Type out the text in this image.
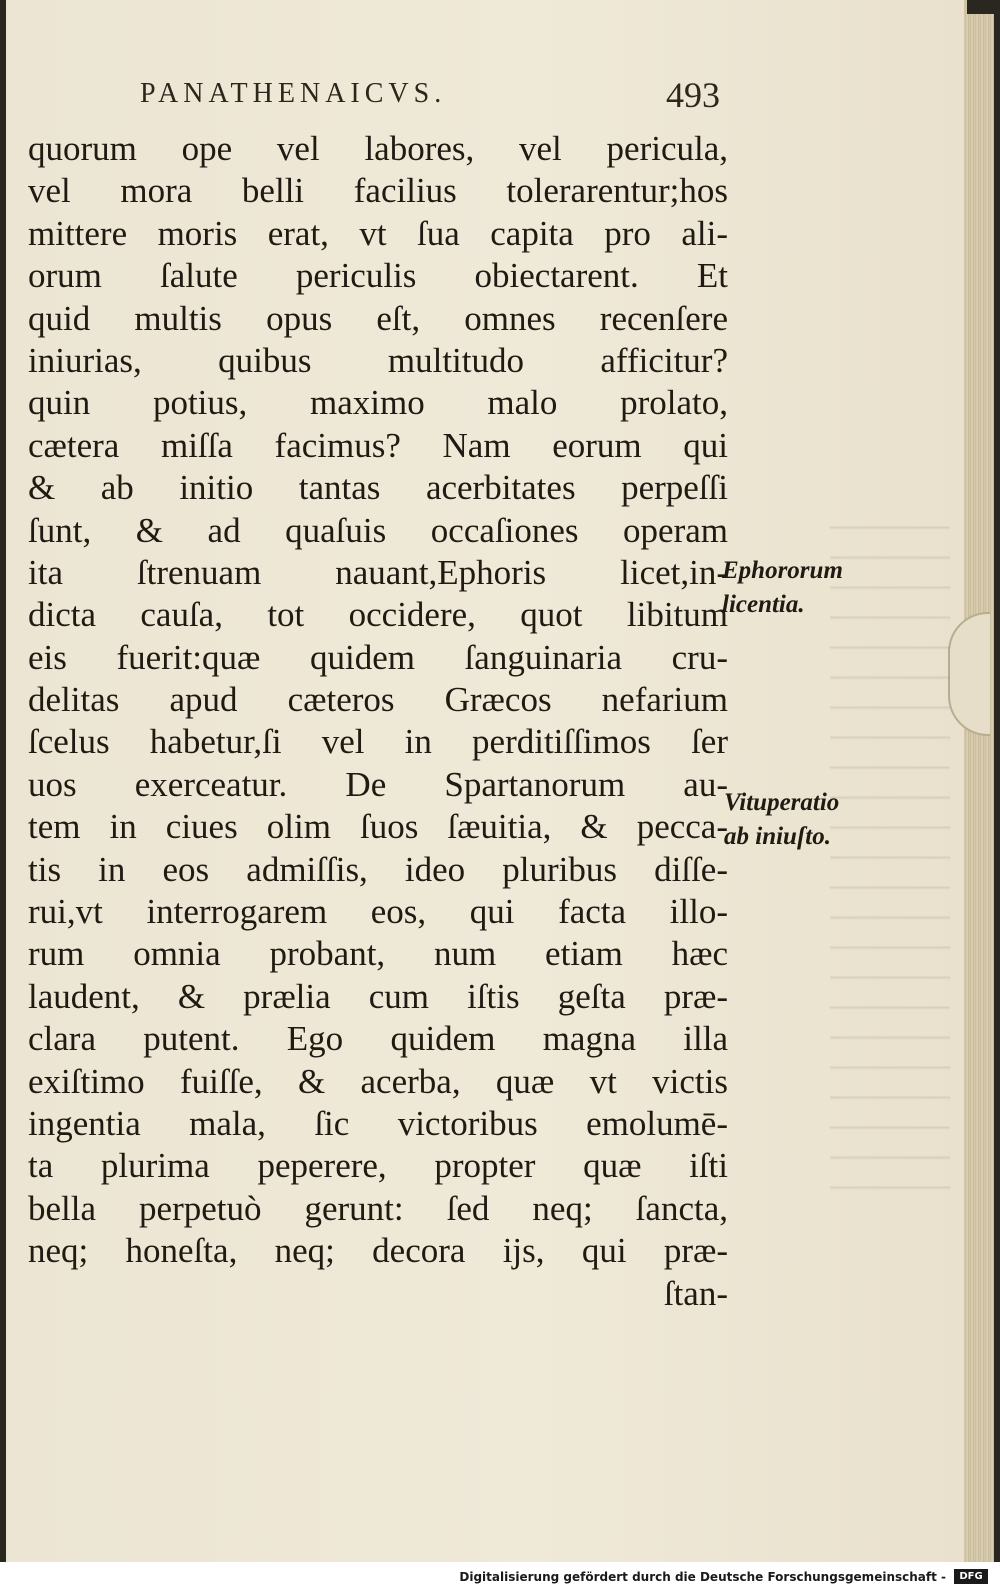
PANATHENAICVS.	493
quorum ope vel labores, vel pericula,
vel mora belli facilius tolerarentur;hos
mittere moris erat, vt ſua capita pro ali-
orum ſalute periculis obiectarent. Et
quid multis opus eſt, omnes recenſere
iniurias, quibus multitudo afficitur?
quin potius, maximo malo prolato,
cætera miſſa facimus? Nam eorum qui
& ab initio tantas acerbitates perpeſſi
ſunt, & ad quaſuis occaſiones operam
ita ſtrenuam nauant,Ephoris licet,in-
dicta cauſa, tot occidere, quot libitum
eis fuerit:quæ quidem ſanguinaria cru-
delitas apud cæteros Græcos nefarium
ſcelus habetur,ſi vel in perditiſſimos ſer
uos exerceatur. De Spartanorum au-
tem in ciues olim ſuos ſæuitia, & pecca-
tis in eos admiſſis, ideo pluribus diſſe-
rui,vt interrogarem eos, qui facta illo-
rum omnia probant, num etiam hæc
laudent, & prælia cum iſtis geſta præ-
clara putent. Ego quidem magna illa
exiſtimo fuiſſe, & acerba, quæ vt victis
ingentia mala, ſic victoribus emolumē-
ta plurima peperere, propter quæ iſti
bella perpetuò gerunt: ſed neq; ſancta,
neq; honeſta, neq; decora ijs, qui præ-
ſtan-
Ephororum
licentia.
Vituperatio
ab iniuſto.
Digitalisierung gefördert durch die Deutsche Forschungsgemeinschaft -	DFG
